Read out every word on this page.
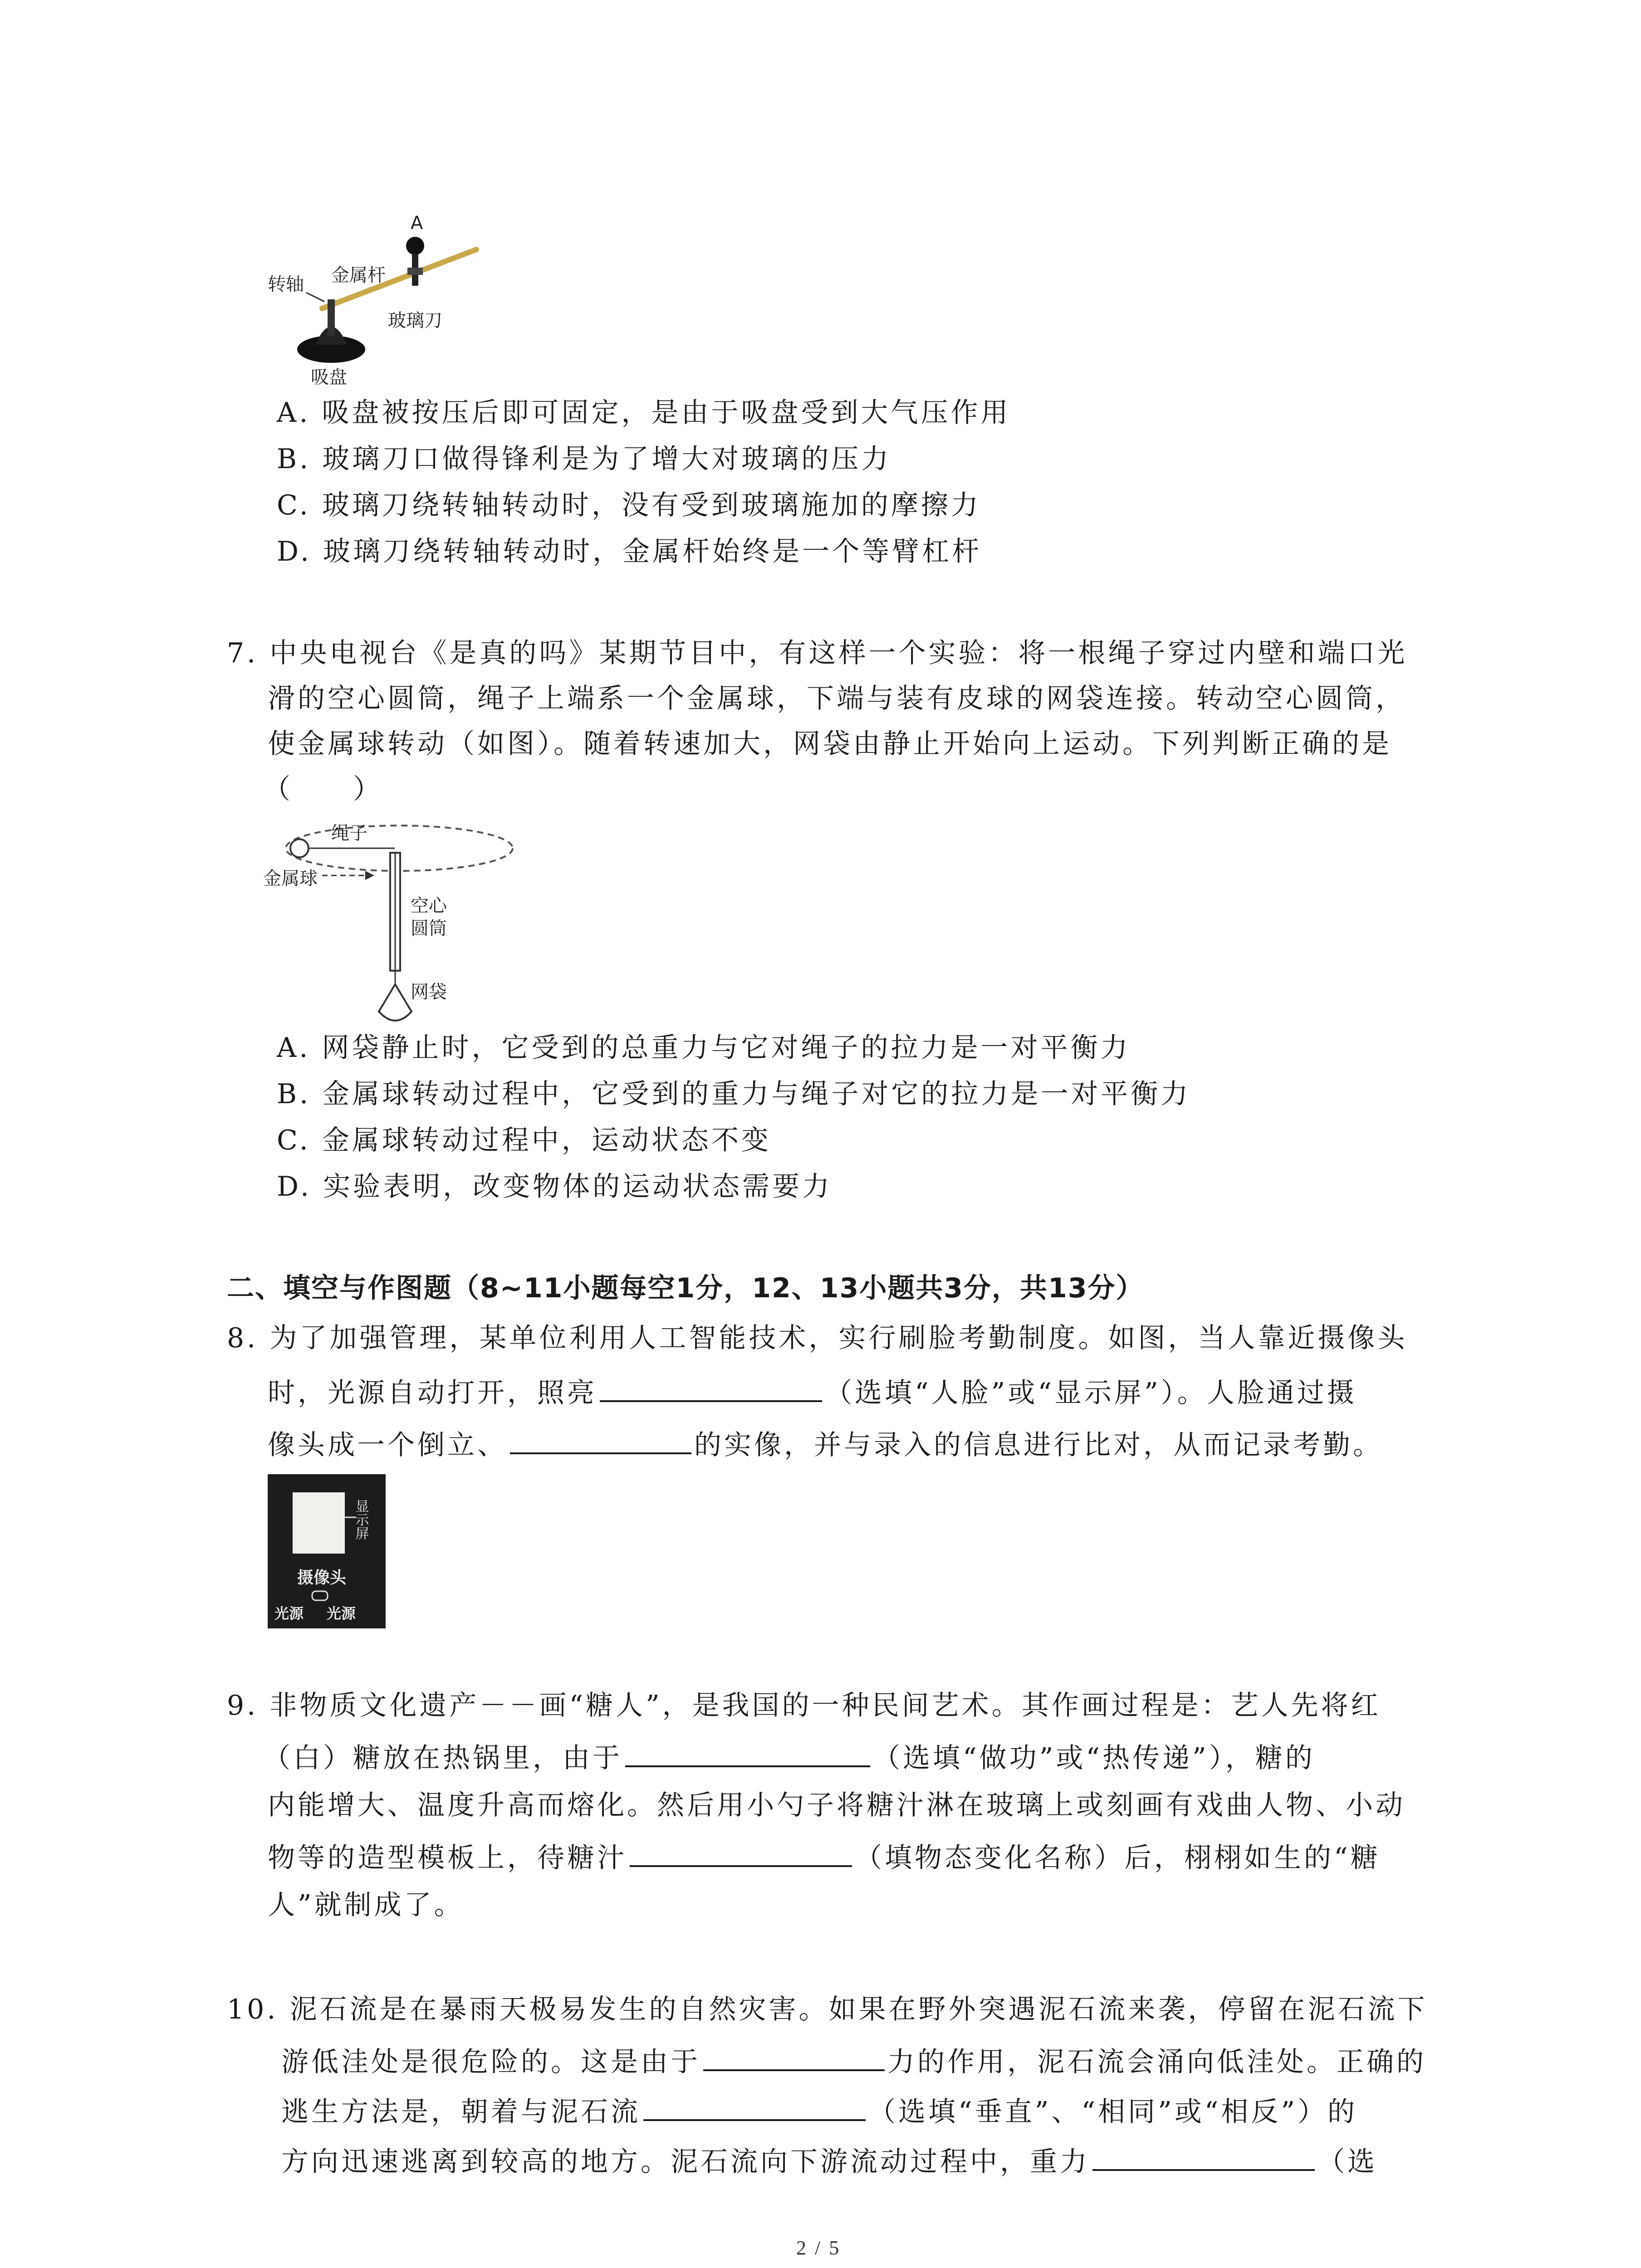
A
转轴 金属杆
玻璃刀
吸盘
A. 吸盘被按压后即可固定，是由于吸盘受到大气压作用
B. 玻璃刀口做得锋利是为了增大对玻璃的压力
C. 玻璃刀绕转轴转动时，没有受到玻璃施加的摩擦力
D. 玻璃刀绕转轴转动时，金属杆始终是一个等臂杠杆
7. 中央电视台《是真的吗》某期节目中，有这样一个实验：将一根绳子穿过内壁和端口光
滑的空心圆筒，绳子上端系一个金属球，下端与装有皮球的网袋连接。转动空心圆筒，
使金属球转动（如图）。随着转速加大，网袋由静止开始向上运动。下列判断正确的是
（　　）
绳子
金属球
空心
圆筒
网袋
A. 网袋静止时，它受到的总重力与它对绳子的拉力是一对平衡力
B. 金属球转动过程中，它受到的重力与绳子对它的拉力是一对平衡力
C. 金属球转动过程中，运动状态不变
D. 实验表明，改变物体的运动状态需要力
二、填空与作图题（8~11小题每空1分，12、13小题共3分，共13分）
8. 为了加强管理，某单位利用人工智能技术，实行刷脸考勤制度。如图，当人靠近摄像头
时，光源自动打开，照亮	（选填“人脸”或“显示屏”）。人脸通过摄
像头成一个倒立、	的实像，并与录入的信息进行比对，从而记录考勤。
显示屏
摄像头
光源 光源
9. 非物质文化遗产－－画“糖人”，是我国的一种民间艺术。其作画过程是：艺人先将红
（白）糖放在热锅里，由于	（选填“做功”或“热传递”），糖的
内能增大、温度升高而熔化。然后用小勺子将糖汁淋在玻璃上或刻画有戏曲人物、小动
物等的造型模板上，待糖汁	（填物态变化名称）后，栩栩如生的“糖
人”就制成了。
10. 泥石流是在暴雨天极易发生的自然灾害。如果在野外突遇泥石流来袭，停留在泥石流下
游低洼处是很危险的。这是由于	力的作用，泥石流会涌向低洼处。正确的
逃生方法是，朝着与泥石流	（选填“垂直”、“相同”或“相反”）的
方向迅速逃离到较高的地方。泥石流向下游流动过程中，重力	（选
2 / 5
